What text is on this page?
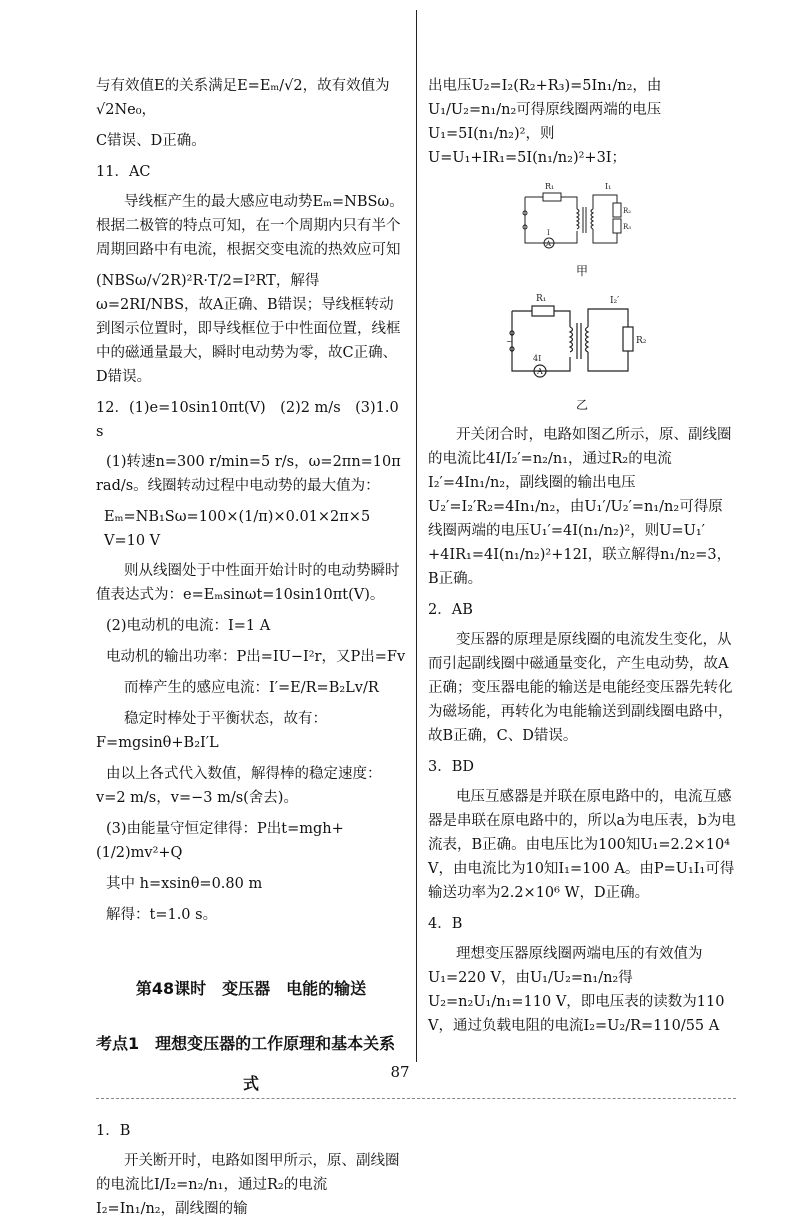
与有效值E的关系满足E=Eₘ/√2，故有效值为√2Ne₀，
C错误、D正确。
11．AC
导线框产生的最大感应电动势Eₘ=NBSω。根据二极管的特点可知，在一个周期内只有半个周期回路中有电流，根据交变电流的热效应可知
(NBSω/√2R)²R·T/2=I²RT，解得ω=2RI/NBS，故A正确、B错误；导线框转动到图示位置时，即导线框位于中性面位置，线框中的磁通量最大，瞬时电动势为零，故C正确、D错误。
12．(1)e=10sin10πt(V)　(2)2 m/s　(3)1.0 s
(1)转速n=300 r/min=5 r/s，ω=2πn=10π rad/s。线圈转动过程中电动势的最大值为：
Eₘ=NB₁Sω=100×(1/π)×0.01×2π×5 V=10 V
则从线圈处于中性面开始计时的电动势瞬时值表达式为：e=Eₘsinωt=10sin10πt(V)。
(2)电动机的电流：I=1 A
电动机的输出功率：P出=IU−I²r，又P出=Fv
而棒产生的感应电流：I′=E/R=B₂Lv/R
稳定时棒处于平衡状态，故有：F=mgsinθ+B₂I′L
由以上各式代入数值，解得棒的稳定速度：v=2 m/s，v=−3 m/s(舍去)。
(3)由能量守恒定律得：P出t=mgh+(1/2)mv²+Q
其中 h=xsinθ=0.80 m
解得：t=1.0 s。
第48课时　变压器　电能的输送
考点1　理想变压器的工作原理和基本关系
式
1．B
开关断开时，电路如图甲所示，原、副线圈的电流比I/I₂=n₂/n₁，通过R₂的电流I₂=In₁/n₂，副线圈的输
出电压U₂=I₂(R₂+R₃)=5In₁/n₂，由U₁/U₂=n₁/n₂可得原线圈两端的电压U₁=5I(n₁/n₂)²，则U=U₁+IR₁=5I(n₁/n₂)²+3I；
A
R₁	I₁
R₂
R₃
I
甲
~
A
R₁	I₂′
R₂
4I
乙
开关闭合时，电路如图乙所示，原、副线圈的电流比4I/I₂′=n₂/n₁，通过R₂的电流I₂′=4In₁/n₂，副线圈的输出电压U₂′=I₂′R₂=4In₁/n₂，由U₁′/U₂′=n₁/n₂可得原线圈两端的电压U₁′=4I(n₁/n₂)²，则U=U₁′+4IR₁=4I(n₁/n₂)²+12I，联立解得n₁/n₂=3，B正确。
2．AB
变压器的原理是原线圈的电流发生变化，从而引起副线圈中磁通量变化，产生电动势，故A正确；变压器电能的输送是电能经变压器先转化为磁场能，再转化为电能输送到副线圈电路中，故B正确，C、D错误。
3．BD
电压互感器是并联在原电路中的，电流互感器是串联在原电路中的，所以a为电压表，b为电流表，B正确。由电压比为100知U₁=2.2×10⁴ V，由电流比为10知I₁=100 A。由P=U₁I₁可得输送功率为2.2×10⁶ W，D正确。
4．B
理想变压器原线圈两端电压的有效值为U₁=220 V，由U₁/U₂=n₁/n₂得U₂=n₂U₁/n₁=110 V，即电压表的读数为110 V，通过负载电阻的电流I₂=U₂/R=110/55 A
87
